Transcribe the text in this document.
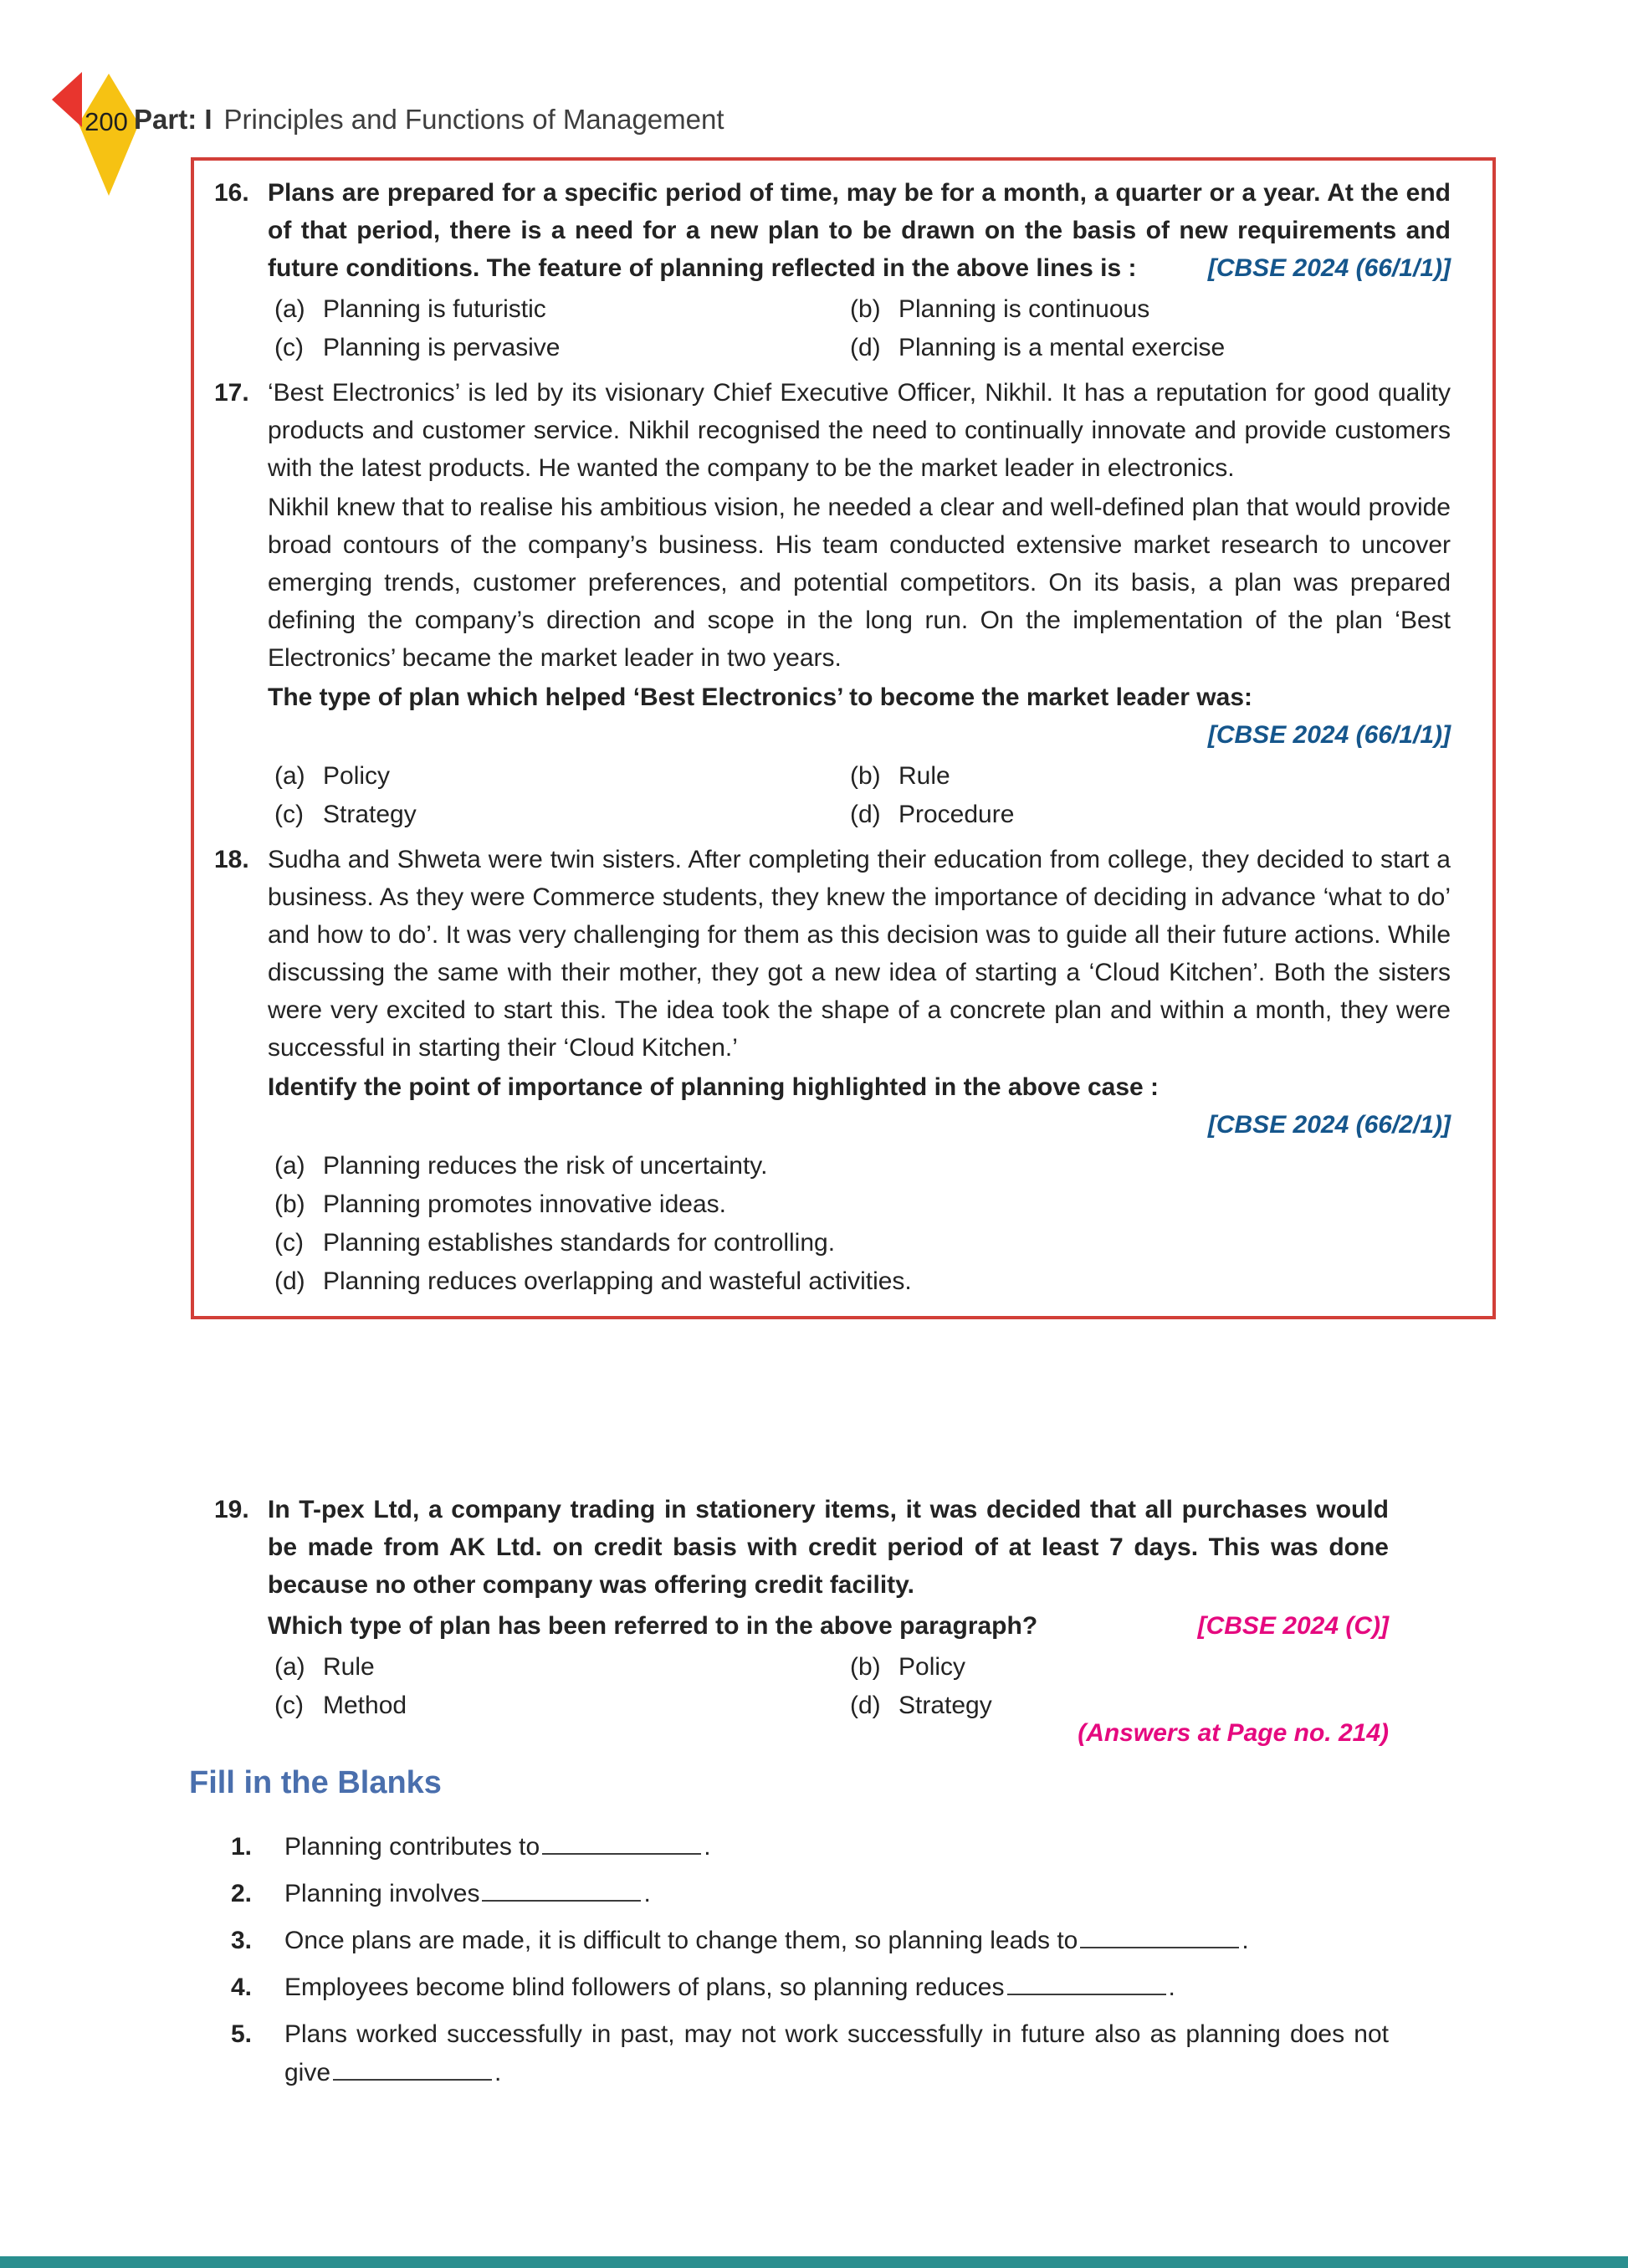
200 Part: I Principles and Functions of Management
16. Plans are prepared for a specific period of time, may be for a month, a quarter or a year. At the end of that period, there is a need for a new plan to be drawn on the basis of new requirements and future conditions. The feature of planning reflected in the above lines is :	[CBSE 2024 (66/1/1)]
(a) Planning is futuristic	(b) Planning is continuous
(c) Planning is pervasive	(d) Planning is a mental exercise
17. ‘Best Electronics’ is led by its visionary Chief Executive Officer, Nikhil. It has a reputation for good quality products and customer service. Nikhil recognised the need to continually innovate and provide customers with the latest products. He wanted the company to be the market leader in electronics.

Nikhil knew that to realise his ambitious vision, he needed a clear and well-defined plan that would provide broad contours of the company’s business. His team conducted extensive market research to uncover emerging trends, customer preferences, and potential competitors. On its basis, a plan was prepared defining the company’s direction and scope in the long run. On the implementation of the plan ‘Best Electronics’ became the market leader in two years.

The type of plan which helped ‘Best Electronics’ to become the market leader was:

[CBSE 2024 (66/1/1)]
(a) Policy	(b) Rule
(c) Strategy	(d) Procedure
18. Sudha and Shweta were twin sisters. After completing their education from college, they decided to start a business. As they were Commerce students, they knew the importance of deciding in advance ‘what to do’ and how to do’. It was very challenging for them as this decision was to guide all their future actions. While discussing the same with their mother, they got a new idea of starting a ‘Cloud Kitchen’. Both the sisters were very excited to start this. The idea took the shape of a concrete plan and within a month, they were successful in starting their ‘Cloud Kitchen.’

Identify the point of importance of planning highlighted in the above case :

[CBSE 2024 (66/2/1)]
(a) Planning reduces the risk of uncertainty.
(b) Planning promotes innovative ideas.
(c) Planning establishes standards for controlling.
(d) Planning reduces overlapping and wasteful activities.
19. In T-pex Ltd, a company trading in stationery items, it was decided that all purchases would be made from AK Ltd. on credit basis with credit period of at least 7 days. This was done because no other company was offering credit facility.

Which type of plan has been referred to in the above paragraph?	[CBSE 2024 (C)]
(a) Rule	(b) Policy
(c) Method	(d) Strategy
(Answers at Page no. 214)
Fill in the Blanks
1.	Planning contributes to	.
2.	Planning involves	.
3.	Once plans are made, it is difficult to change them, so planning leads to	.
4.	Employees become blind followers of plans, so planning reduces	.
5.	Plans worked successfully in past, may not work successfully in future also as planning does not give	.
